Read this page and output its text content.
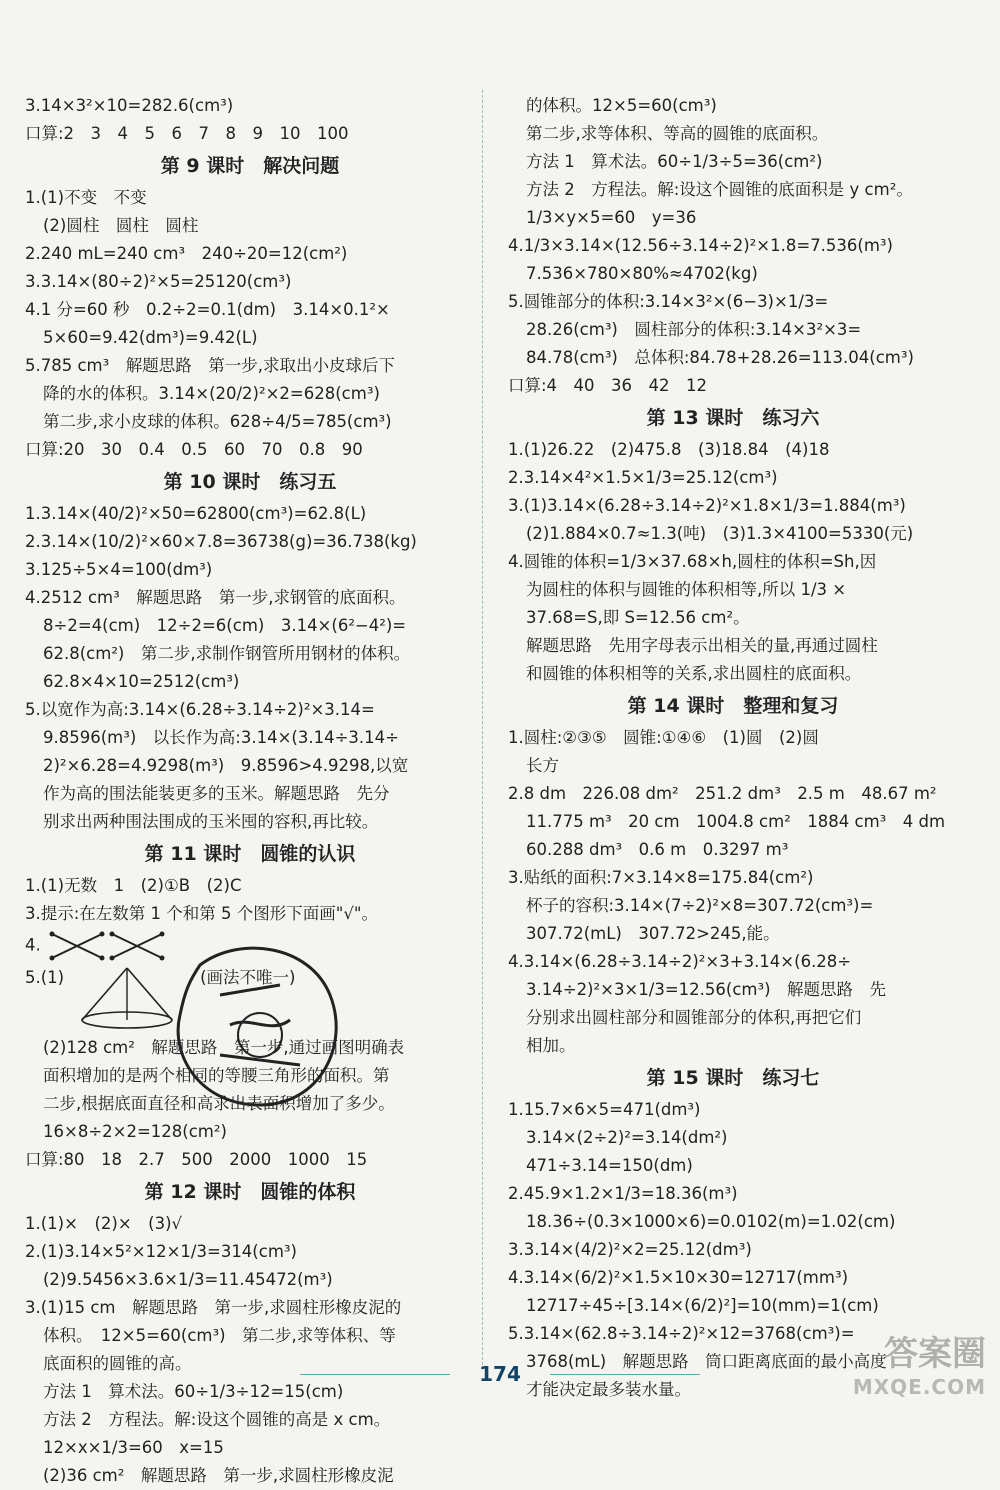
3.14×3²×10=282.6(cm³)
口算:2　3　4　5　6　7　8　9　10　100
第 9 课时　解决问题
1.(1)不变　不变
(2)圆柱　圆柱　圆柱
2.240 mL=240 cm³　240÷20=12(cm²)
3.3.14×(80÷2)²×5=25120(cm³)
4.1 分=60 秒　0.2÷2=0.1(dm)　3.14×0.1²×
5×60=9.42(dm³)=9.42(L)
5.785 cm³　解题思路　第一步,求取出小皮球后下
降的水的体积。3.14×(20/2)²×2=628(cm³)
第二步,求小皮球的体积。628÷4/5=785(cm³)
口算:20　30　0.4　0.5　60　70　0.8　90
第 10 课时　练习五
1.3.14×(40/2)²×50=62800(cm³)=62.8(L)
2.3.14×(10/2)²×60×7.8=36738(g)=36.738(kg)
3.125÷5×4=100(dm³)
4.2512 cm³　解题思路　第一步,求钢管的底面积。
8÷2=4(cm)　12÷2=6(cm)　3.14×(6²−4²)=
62.8(cm²)　第二步,求制作钢管所用钢材的体积。
62.8×4×10=2512(cm³)
5.以宽作为高:3.14×(6.28÷3.14÷2)²×3.14=
9.8596(m³)　以长作为高:3.14×(3.14÷3.14÷
2)²×6.28=4.9298(m³)　9.8596>4.9298,以宽
作为高的围法能装更多的玉米。解题思路　先分
别求出两种围法围成的玉米囤的容积,再比较。
第 11 课时　圆锥的认识
1.(1)无数　1　(2)①B　(2)C
3.提示:在左数第 1 个和第 5 个图形下面画"√"。
4.
5.(1)	(画法不唯一)
(2)128 cm²　解题思路　第一步,通过画图明确表
面积增加的是两个相同的等腰三角形的面积。第
二步,根据底面直径和高求出表面积增加了多少。
16×8÷2×2=128(cm²)
口算:80　18　2.7　500　2000　1000　15
第 12 课时　圆锥的体积
1.(1)×　(2)×　(3)√
2.(1)3.14×5²×12×1/3=314(cm³)
(2)9.5456×3.6×1/3=11.45472(m³)
3.(1)15 cm　解题思路　第一步,求圆柱形橡皮泥的
体积。　12×5=60(cm³)　第二步,求等体积、等
底面积的圆锥的高。
方法 1　算术法。60÷1/3÷12=15(cm)
方法 2　方程法。解:设这个圆锥的高是 x cm。
12×x×1/3=60　x=15
(2)36 cm²　解题思路　第一步,求圆柱形橡皮泥
的体积。12×5=60(cm³)
第二步,求等体积、等高的圆锥的底面积。
方法 1　算术法。60÷1/3÷5=36(cm²)
方法 2　方程法。解:设这个圆锥的底面积是 y cm²。
1/3×y×5=60　y=36
4.1/3×3.14×(12.56÷3.14÷2)²×1.8=7.536(m³)
7.536×780×80%≈4702(kg)
5.圆锥部分的体积:3.14×3²×(6−3)×1/3=
28.26(cm³)　圆柱部分的体积:3.14×3²×3=
84.78(cm³)　总体积:84.78+28.26=113.04(cm³)
口算:4　40　36　42　12
第 13 课时　练习六
1.(1)26.22　(2)475.8　(3)18.84　(4)18
2.3.14×4²×1.5×1/3=25.12(cm³)
3.(1)3.14×(6.28÷3.14÷2)²×1.8×1/3=1.884(m³)
(2)1.884×0.7≈1.3(吨)　(3)1.3×4100=5330(元)
4.圆锥的体积=1/3×37.68×h,圆柱的体积=Sh,因
为圆柱的体积与圆锥的体积相等,所以 1/3 ×
37.68=S,即 S=12.56 cm²。
解题思路　先用字母表示出相关的量,再通过圆柱
和圆锥的体积相等的关系,求出圆柱的底面积。
第 14 课时　整理和复习
1.圆柱:②③⑤　圆锥:①④⑥　(1)圆　(2)圆
长方
2.8 dm　226.08 dm²　251.2 dm³　2.5 m　48.67 m²
11.775 m³　20 cm　1004.8 cm²　1884 cm³　4 dm
60.288 dm³　0.6 m　0.3297 m³
3.贴纸的面积:7×3.14×8=175.84(cm²)
杯子的容积:3.14×(7÷2)²×8=307.72(cm³)=
307.72(mL)　307.72>245,能。
4.3.14×(6.28÷3.14÷2)²×3+3.14×(6.28÷
3.14÷2)²×3×1/3=12.56(cm³)　解题思路　先
分别求出圆柱部分和圆锥部分的体积,再把它们
相加。
第 15 课时　练习七
1.15.7×6×5=471(dm³)
3.14×(2÷2)²=3.14(dm²)
471÷3.14=150(dm)
2.45.9×1.2×1/3=18.36(m³)
18.36÷(0.3×1000×6)=0.0102(m)=1.02(cm)
3.3.14×(4/2)²×2=25.12(dm³)
4.3.14×(6/2)²×1.5×10×30=12717(mm³)
12717÷45÷[3.14×(6/2)²]=10(mm)=1(cm)
5.3.14×(62.8÷3.14÷2)²×12=3768(cm³)=
3768(mL)　解题思路　筒口距离底面的最小高度
才能决定最多装水量。
174	答案圈
MXQE.COM
